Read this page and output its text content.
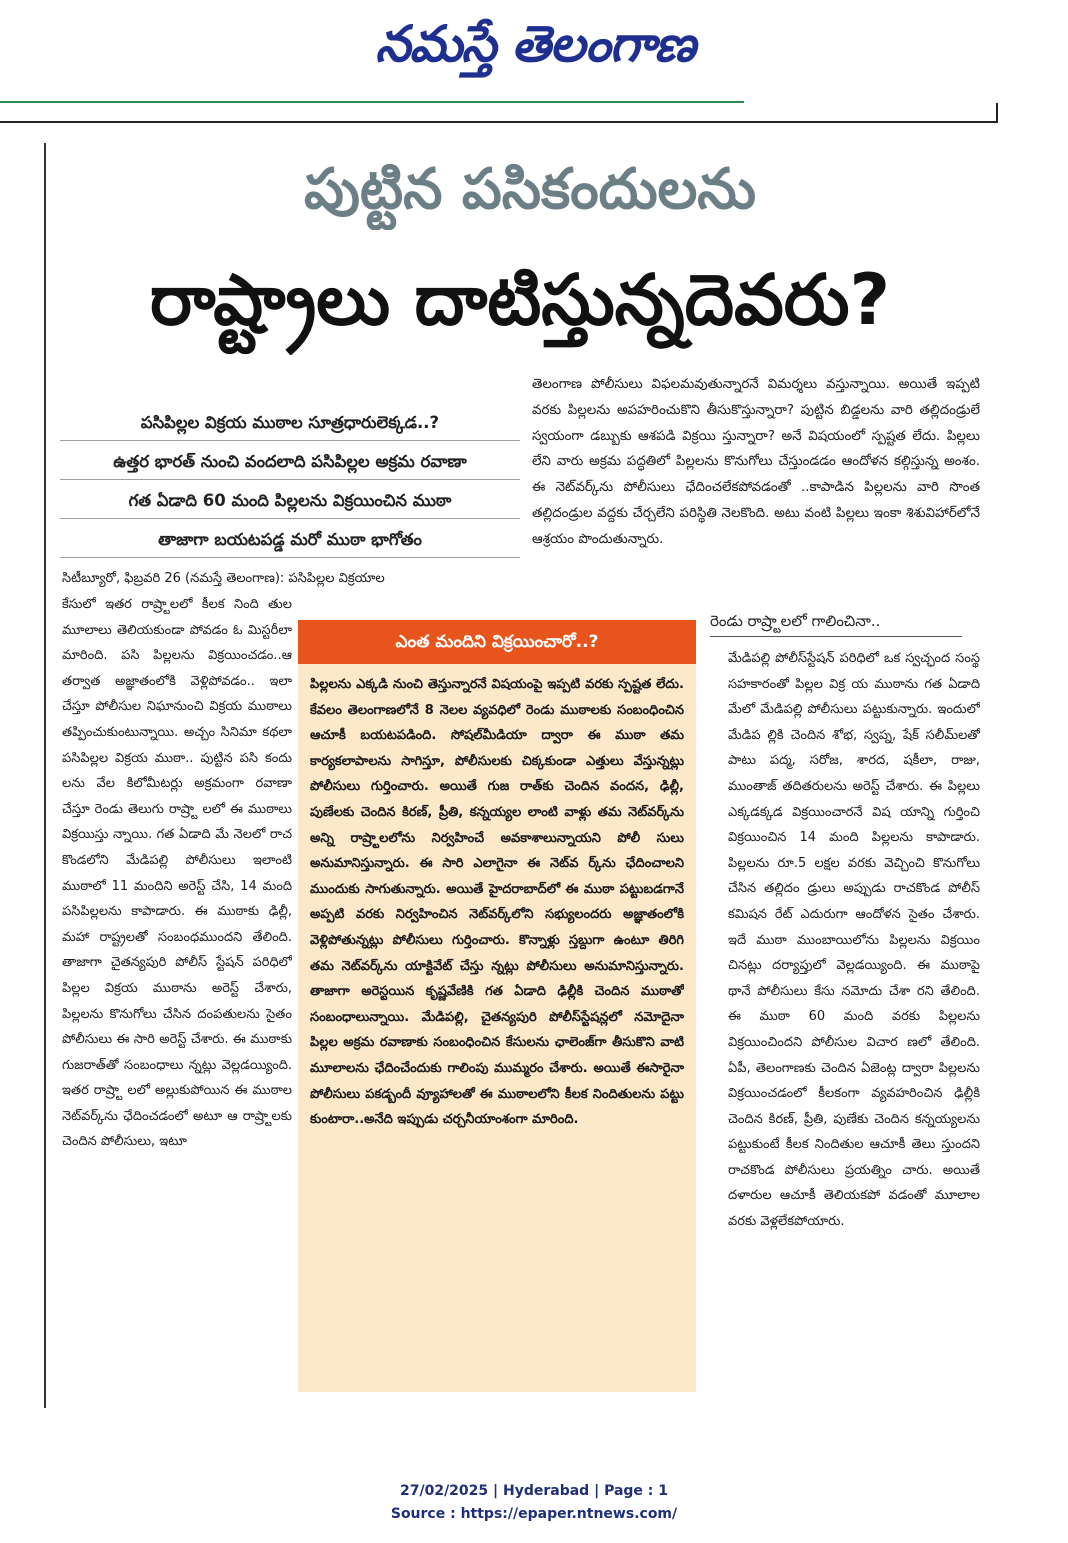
నమస్తే తెలంగాణ
పుట్టిన పసికందులను
రాష్ట్రాలు దాటిస్తున్నదెవరు?
పసిపిల్లల విక్రయ ముఠాల సూత్రధారులెక్కడ..?
ఉత్తర భారత్‌ నుంచి వందలాది పసిపిల్లల అక్రమ రవాణా
గత ఏడాది 60 మంది పిల్లలను విక్రయించిన ముఠా
తాజాగా బయటపడ్డ మరో ముఠా భాగోతం
సిటీబ్యూరో, ఫిబ్రవరి 26 (నమస్తే తెలంగాణ): పసిపిల్లల విక్రయాల
కేసులో ఇతర రాష్ర్టాలలో కీలక నింది తుల మూలాలు తెలియకుండా పోవడం ఓ మిస్టరీలా మారింది. పసి పిల్లలను విక్రయించడం..ఆ తర్వాత అజ్ఞాతంలోకి వెళ్లిపోవడం.. ఇలా చేస్తూ పోలీసుల నిఘానుంచి విక్రయ ముఠాలు తప్పించుకుంటున్నాయి. అచ్చం సినిమా కథలా పసిపిల్లల విక్రయ ముఠా.. పుట్టిన పసి కందు లను వేల కిలోమీటర్లు అక్రమంగా రవాణా చేస్తూ రెండు తెలుగు రాష్ర్టా లలో ఈ ముఠాలు విక్రయిస్తు న్నాయి. గత ఏడాది మే నెలలో రాచ కొండలోని మేడిపల్లి పోలీసులు ఇలాంటి ముఠాలో 11 మందిని అరెస్ట్‌ చేసి, 14 మంది పసిపిల్లలను కాపాడారు. ఈ ముఠాకు ఢిల్లీ, మహా రాష్ట్రలతో సంబంధముందని తేలింది. తాజాగా చైతన్యపురి పోలీస్‌ స్టేషన్‌ పరిధిలో పిల్లల విక్రయ ముఠాను అరెస్ట్‌ చేశారు, పిల్లలను కొనుగోలు చేసిన దంపతులను సైతం పోలీసులు ఈ సారి అరెస్ట్‌ చేశారు. ఈ ముఠాకు గుజరాత్‌తో సంబంధాలు న్నట్లు వెల్లడయ్యింది. ఇతర రాష్ర్టా లలో అల్లుకుపోయిన ఈ ముఠాల నెట్‌వర్క్‌ను ఛేదించడంలో అటూ ఆ రాష్ర్టాలకు చెందిన పోలీసులు, ఇటూ
తెలంగాణ పోలీసులు విఫలమవుతున్నారనే విమర్శలు వస్తున్నాయి. అయితే ఇప్పటి వరకు పిల్లలను అపహరించుకొని తీసుకొస్తున్నారా? పుట్టిన బిడ్డలను వారి తల్లిదండ్రులే స్వయంగా డబ్బుకు ఆశపడి విక్రయి స్తున్నారా? అనే విషయంలో స్పష్టత లేదు. పిల్లలు లేని వారు అక్రమ పద్ధతిలో పిల్లలను కొనుగోలు చేస్తుండడం ఆందోళన కల్గిస్తున్న అంశం. ఈ నెట్‌వర్క్‌ను పోలీసులు ఛేదించలేకపోవడంతో ..కాపాడిన పిల్లలను వారి సొంత తల్లిదండ్రుల వద్దకు చేర్చలేని పరిస్థితి నెలకొంది. అటు వంటి పిల్లలు ఇంకా శిశువిహార్‌లోనే ఆశ్రయం పొందుతున్నారు.
రెండు రాష్ర్టాలలో గాలించినా..
మేడిపల్లి పోలీస్‌స్టేషన్‌ పరిధిలో ఒక స్వచ్ఛంద సంస్థ సహకారంతో పిల్లల విక్ర య ముఠాను గత ఏడాది మేలో మేడిపల్లి పోలీసులు పట్టుకున్నారు. ఇందులో మేడిప ల్లికి చెందిన శోభ, స్వప్న, షేక్‌ సలీమ్‌లతో పాటు పద్మ, సరోజ, శారద, షకీలా, రాజు, ముంతాజ్‌ తదితరులను అరెస్ట్‌ చేశారు. ఈ పిల్లలు ఎక్కడక్కడ విక్రయించారనే విష యాన్ని గుర్తించి విక్రయించిన 14 మంది పిల్లలను కాపాడారు. పిల్లలను రూ.5 లక్షల వరకు వెచ్చించి కొనుగోలు చేసిన తల్లిదం డ్రులు అప్పుడు రాచకొండ పోలీస్‌ కమిషన రేట్‌ ఎదురుగా ఆందోళన సైతం చేశారు. ఇదే ముఠా ముంబాయిలోను పిల్లలను విక్రయిం చినట్లు దర్యాప్తులో వెల్లడయ్యింది. ఈ ముఠాపై థానే పోలీసులు కేసు నమోదు చేశా రని తేలింది. ఈ ముఠా 60 మంది వరకు పిల్లలను విక్రయించిందని పోలీసుల విచార ణలో తేలింది. ఏపీ, తెలంగాణకు చెందిన ఏజెంట్ల ద్వారా పిల్లలను విక్రయించడంలో కీలకంగా వ్యవహరించిన ఢిల్లీకి చెందిన కిరణ్‌, ప్రీతి, పుణేకు చెందిన కన్నయ్యలను పట్టుకుంటే కీలక నిందితుల ఆచూకీ తెలు స్తుందని రాచకొండ పోలీసులు ప్రయత్నిం చారు. అయితే దళారుల ఆచూకీ తెలియకపో వడంతో మూలాల వరకు వెళ్లలేకపోయారు.
ఎంత మందిని విక్రయించారో..?
పిల్లలను ఎక్కడి నుంచి తెస్తున్నారనే విషయంపై ఇప్పటి వరకు స్పష్టత లేదు. కేవలం తెలంగాణలోనే 8 నెలల వ్యవధిలో రెండు ముఠాలకు సంబంధించిన ఆచూకీ బయటపడింది. సోషల్‌మీడియా ద్వారా ఈ ముఠా తమ కార్యకలాపాలను సాగిస్తూ, పోలీసులకు చిక్కకుండా ఎత్తులు వేస్తున్నట్లు పోలీసులు గుర్తించారు. అయితే గుజ రాత్‌కు చెందిన వందన, ఢిల్లీ, పుణేలకు చెందిన కిరణ్‌, ప్రీతి, కన్నయ్యల లాంటి వాళ్లు తమ నెట్‌వర్క్‌ను అన్ని రాష్ర్టాలలోను నిర్వహించే అవకాశాలున్నాయని పోలీ సులు అనుమానిస్తున్నారు. ఈ సారి ఎలాగైనా ఈ నెట్‌వ ర్క్‌ను ఛేదించాలని ముందుకు సాగుతున్నారు. అయితే హైదరాబాద్‌లో ఈ ముఠా పట్టుబడగానే అప్పటి వరకు నిర్వహించిన నెట్‌వర్క్‌లోని సభ్యులందరు అజ్ఞాతంలోకి వెళ్లిపోతున్నట్లు పోలీసులు గుర్తించారు. కొన్నాళ్లు స్తబ్దుగా ఉంటూ తిరిగి తమ నెట్‌వర్క్‌ను యాక్టివేట్‌ చేస్తు న్నట్లు పోలీసులు అనుమానిస్తున్నారు. తాజాగా అరెస్టయిన కృష్ణవేణికి గత ఏడాది ఢిల్లీకి చెందిన ముఠాతో సంబంధాలున్నాయి. మేడిపల్లి, చైతన్యపురి పోలీస్‌స్టేషన్లలో నమోదైనా పిల్లల అక్రమ రవాణాకు సంబంధించిన కేసులను ఛాలెంజ్‌గా తీసుకొని వాటి మూలాలను ఛేదించేందుకు గాలింపు ముమ్మరం చేశారు. అయితే ఈసారైనా పోలీసులు పకడ్బందీ వ్యూహాలతో ఈ ముఠాలలోని కీలక నిందితులను పట్టు కుంటారా..అనేది ఇప్పుడు చర్చనీయాంశంగా మారింది.
27/02/2025 | Hyderabad | Page : 1
Source : https://epaper.ntnews.com/
